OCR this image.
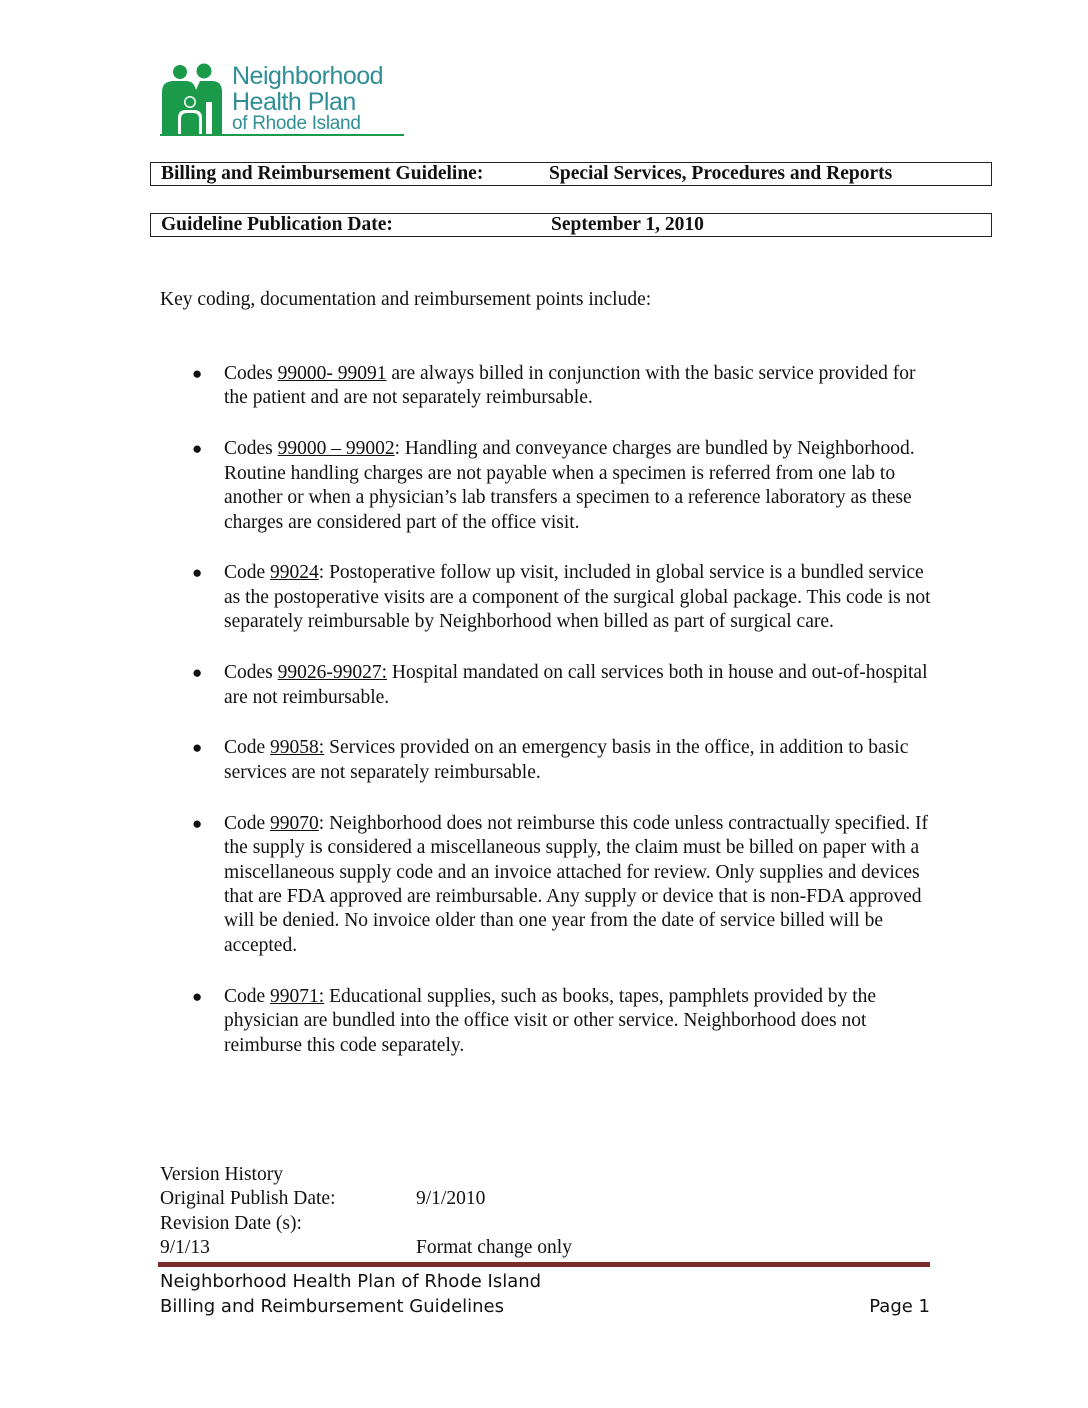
Neighborhood
Health Plan
of Rhode Island
Billing and Reimbursement Guideline:	Special Services, Procedures and Reports
Guideline Publication Date:	September 1, 2010
Key coding, documentation and reimbursement points include:
● Codes 99000- 99091 are always billed in conjunction with the basic service provided for the patient and are not separately reimbursable.
● Codes 99000 – 99002: Handling and conveyance charges are bundled by Neighborhood. Routine handling charges are not payable when a specimen is referred from one lab to another or when a physician’s lab transfers a specimen to a reference laboratory as these charges are considered part of the office visit.
● Code 99024: Postoperative follow up visit, included in global service is a bundled service as the postoperative visits are a component of the surgical global package. This code is not separately reimbursable by Neighborhood when billed as part of surgical care.
● Codes 99026-99027: Hospital mandated on call services both in house and out-of-hospital are not reimbursable.
● Code 99058: Services provided on an emergency basis in the office, in addition to basic services are not separately reimbursable.
● Code 99070: Neighborhood does not reimburse this code unless contractually specified. If the supply is considered a miscellaneous supply, the claim must be billed on paper with a miscellaneous supply code and an invoice attached for review. Only supplies and devices that are FDA approved are reimbursable. Any supply or device that is non-FDA approved will be denied. No invoice older than one year from the date of service billed will be accepted.
● Code 99071: Educational supplies, such as books, tapes, pamphlets provided by the physician are bundled into the office visit or other service. Neighborhood does not reimburse this code separately.
Version History
Original Publish Date:	9/1/2010
Revision Date (s):
9/1/13	Format change only
Neighborhood Health Plan of Rhode Island
Billing and Reimbursement Guidelines	Page 1
